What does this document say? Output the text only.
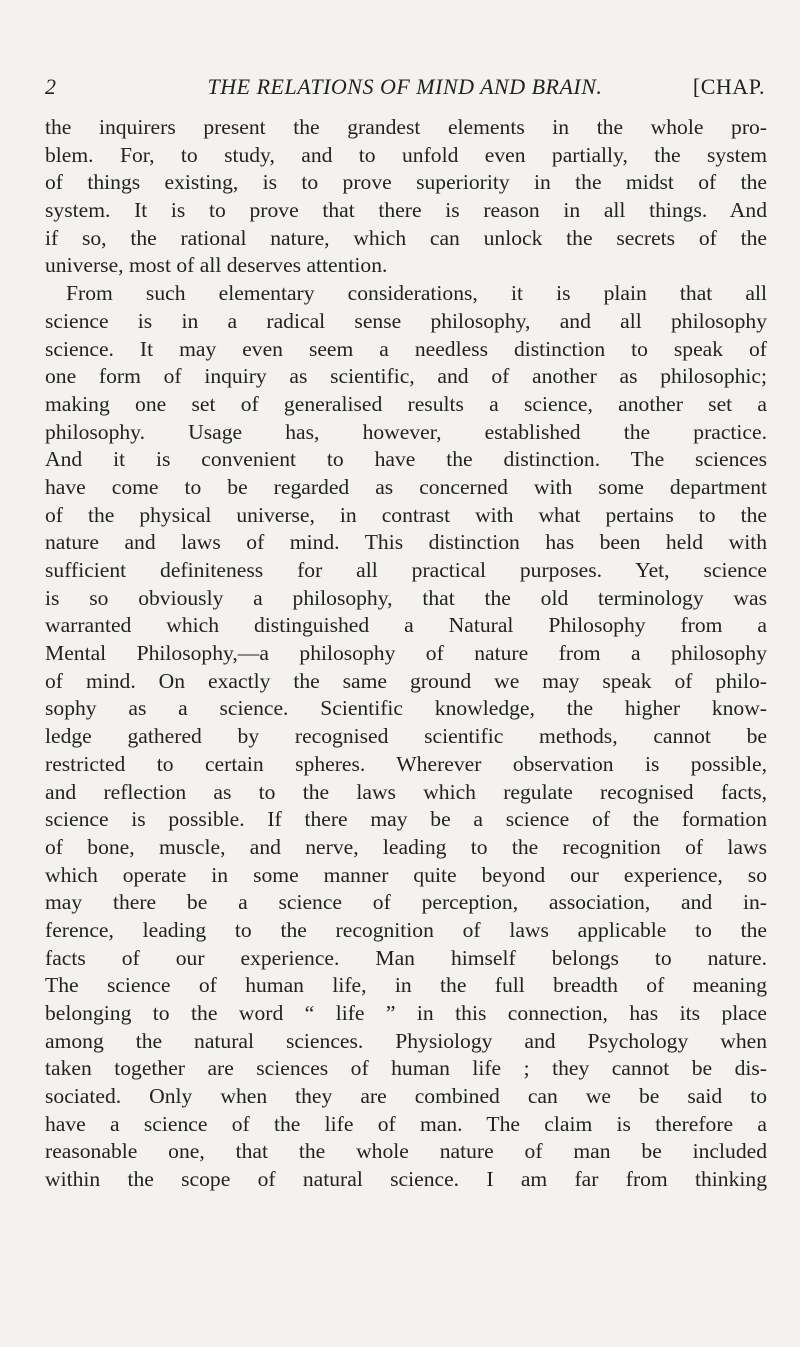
2	THE RELATIONS OF MIND AND BRAIN.	[CHAP.
the inquirers present the grandest elements in the whole pro-
blem. For, to study, and to unfold even partially, the system
of things existing, is to prove superiority in the midst of the
system. It is to prove that there is reason in all things. And
if so, the rational nature, which can unlock the secrets of the
universe, most of all deserves attention.
From such elementary considerations, it is plain that all
science is in a radical sense philosophy, and all philosophy
science. It may even seem a needless distinction to speak of
one form of inquiry as scientific, and of another as philosophic;
making one set of generalised results a science, another set a
philosophy. Usage has, however, established the practice.
And it is convenient to have the distinction. The sciences
have come to be regarded as concerned with some department
of the physical universe, in contrast with what pertains to the
nature and laws of mind. This distinction has been held with
sufficient definiteness for all practical purposes. Yet, science
is so obviously a philosophy, that the old terminology was
warranted which distinguished a Natural Philosophy from a
Mental Philosophy,—a philosophy of nature from a philosophy
of mind. On exactly the same ground we may speak of philo-
sophy as a science. Scientific knowledge, the higher know-
ledge gathered by recognised scientific methods, cannot be
restricted to certain spheres. Wherever observation is possible,
and reflection as to the laws which regulate recognised facts,
science is possible. If there may be a science of the formation
of bone, muscle, and nerve, leading to the recognition of laws
which operate in some manner quite beyond our experience, so
may there be a science of perception, association, and in-
ference, leading to the recognition of laws applicable to the
facts of our experience. Man himself belongs to nature.
The science of human life, in the full breadth of meaning
belonging to the word “ life ” in this connection, has its place
among the natural sciences. Physiology and Psychology when
taken together are sciences of human life ; they cannot be dis-
sociated. Only when they are combined can we be said to
have a science of the life of man. The claim is therefore a
reasonable one, that the whole nature of man be included
within the scope of natural science. I am far from thinking
